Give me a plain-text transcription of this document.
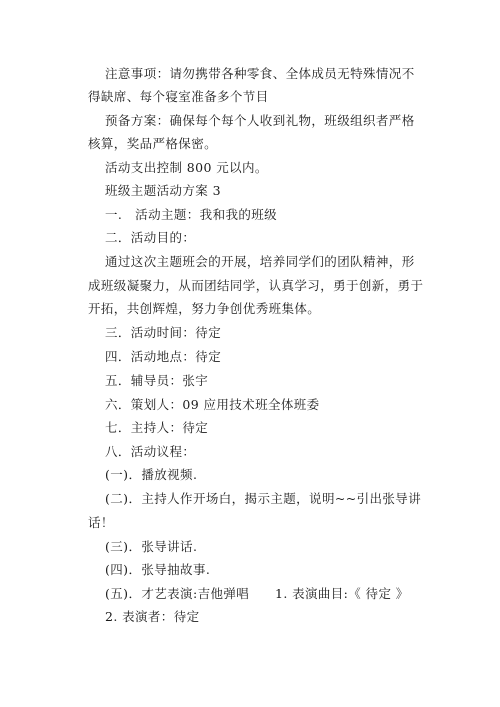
注意事项：请勿携带各种零食、全体成员无特殊情况不
得缺席、每个寝室准备多个节目
预备方案：确保每个每个人收到礼物，班级组织者严格
核算，奖品严格保密。
活动支出控制 800 元以内。
班级主题活动方案 3
一.　活动主题：我和我的班级
二．活动目的：
通过这次主题班会的开展，培养同学们的团队精神，形
成班级凝聚力，从而团结同学，认真学习，勇于创新，勇于
开拓，共创辉煌，努力争创优秀班集体。
三．活动时间：待定
四．活动地点：待定
五．辅导员：张宇
六．策划人：09 应用技术班全体班委
七．主持人：待定
八．活动议程：
(一)．播放视频.
(二)．主持人作开场白，揭示主题，说明~~引出张导讲
话！
(三)．张导讲话.
(四)．张导抽故事.
(五)．才艺表演:吉他弹唱　　1. 表演曲目:《 待定 》
2. 表演者：待定
